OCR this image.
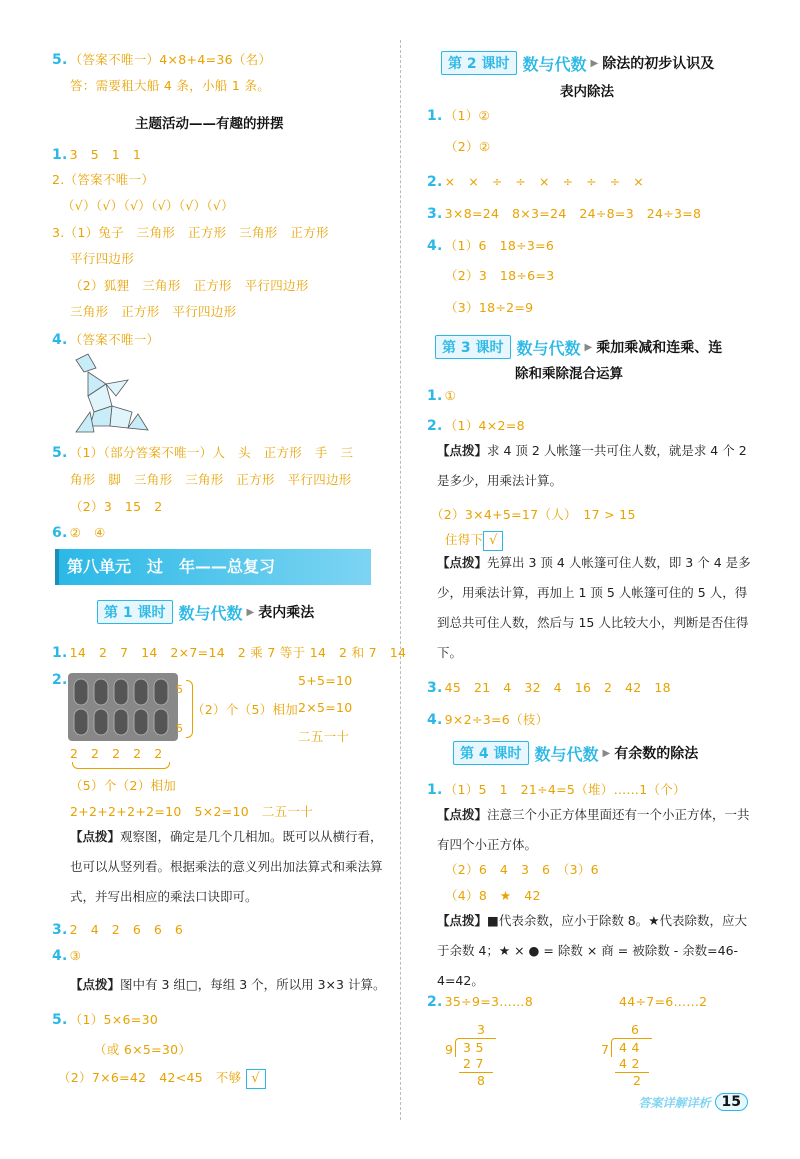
5. （答案不唯一）4×8+4=36（名）
答：需要租大船 4 条，小船 1 条。
主题活动——有趣的拼摆
1. 3　5　1　1
2.（答案不唯一）
（√）（√）（√）（√）（√）（√）
3.（1）兔子　三角形　正方形　三角形　正方形
平行四边形
（2）狐狸　三角形　正方形　平行四边形
三角形　正方形　平行四边形
4. （答案不唯一）
5. （1）（部分答案不唯一）人　头　正方形　手　三
角形　脚　三角形　三角形　正方形　平行四边形
（2）3　15　2
6. ②　④
第八单元　过　年——总复习
第 1 课时 数与代数 ▶ 表内乘法
1. 14　2　7　14　2×7=14　2 乘 7 等于 14　2 和 7　14
2.
5
5
（2）个（5）相加
5+5=10
2×5=10
二五一十
2　2　2　2　2
（5）个（2）相加
2+2+2+2+2=10　5×2=10　二五一十
【点拨】观察图，确定是几个几相加。既可以从横行看，也可以从竖列看。根据乘法的意义列出加法算式和乘法算式，并写出相应的乘法口诀即可。
3. 2　4　2　6　6　6
4. ③
【点拨】图中有 3 组□，每组 3 个，所以用 3×3 计算。
5. （1）5×6=30
（或 6×5=30）
（2）7×6=42　42<45　不够 √
第 2 课时 数与代数 ▶ 除法的初步认识及
表内除法
1. （1）②
（2）②
2. ×　×　÷　÷　×　÷　÷　÷　×
3. 3×8=24　8×3=24　24÷8=3　24÷3=8
4. （1）6　18÷3=6
（2）3　18÷6=3
（3）18÷2=9
第 3 课时 数与代数 ▶ 乘加乘减和连乘、连
除和乘除混合运算
1. ①
2. （1）4×2=8
【点拨】求 4 顶 2 人帐篷一共可住人数，就是求 4 个 2 是多少，用乘法计算。
（2）3×4+5=17（人）　17 > 15
住得下 √
【点拨】先算出 3 顶 4 人帐篷可住人数，即 3 个 4 是多少，用乘法计算，再加上 1 顶 5 人帐篷可住的 5 人，得到总共可住人数，然后与 15 人比较大小，判断是否住得下。
3. 45　21　4　32　4　16　2　42　18
4. 9×2÷3=6（枝）
第 4 课时 数与代数 ▶ 有余数的除法
1. （1）5　1　21÷4=5（堆）……1（个）
【点拨】注意三个小正方体里面还有一个小正方体，一共有四个小正方体。
（2）6　4　3　6　（3）6
（4）8　★　42
【点拨】■代表余数，应小于除数 8。★代表除数，应大于余数 4；★ × ● = 除数 × 商 = 被除数 - 余数=46-4=42。
2. 35÷9=3……8	44÷7=6……2
3
9 3 5
2 7
8
6
7 4 4
4 2
2
答案详解详析 15
